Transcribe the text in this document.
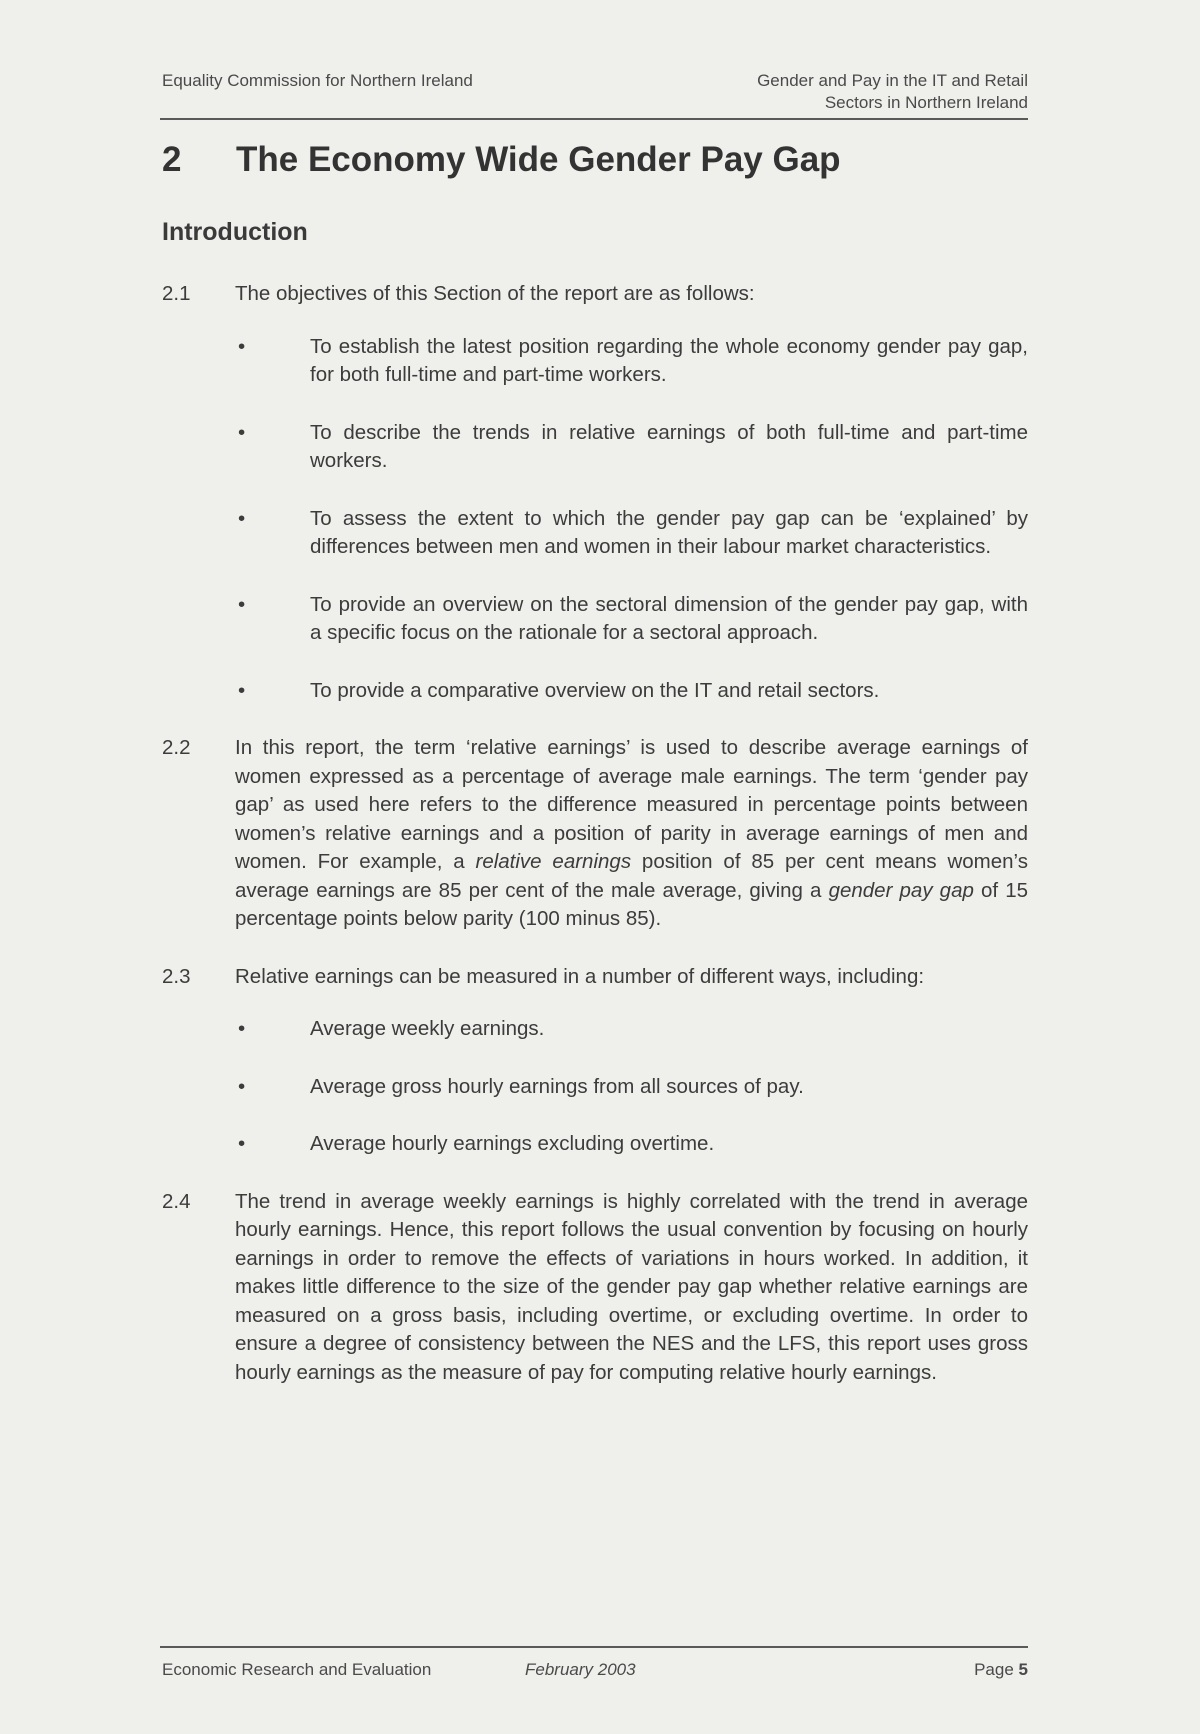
Equality Commission for Northern Ireland	Gender and Pay in the IT and Retail
Sectors in Northern Ireland
2 The Economy Wide Gender Pay Gap
Introduction
2.1	The objectives of this Section of the report are as follows:
•	To establish the latest position regarding the whole economy gender pay gap, for both full-time and part-time workers.
•	To describe the trends in relative earnings of both full-time and part-time workers.
•	To assess the extent to which the gender pay gap can be ‘explained’ by differences between men and women in their labour market characteristics.
•	To provide an overview on the sectoral dimension of the gender pay gap, with a specific focus on the rationale for a sectoral approach.
•	To provide a comparative overview on the IT and retail sectors.
2.2	In this report, the term ‘relative earnings’ is used to describe average earnings of women expressed as a percentage of average male earnings. The term ‘gender pay gap’ as used here refers to the difference measured in percentage points between women’s relative earnings and a position of parity in average earnings of men and women. For example, a relative earnings position of 85 per cent means women’s average earnings are 85 per cent of the male average, giving a gender pay gap of 15 percentage points below parity (100 minus 85).
2.3	Relative earnings can be measured in a number of different ways, including:
•	Average weekly earnings.
•	Average gross hourly earnings from all sources of pay.
•	Average hourly earnings excluding overtime.
2.4	The trend in average weekly earnings is highly correlated with the trend in average hourly earnings. Hence, this report follows the usual convention by focusing on hourly earnings in order to remove the effects of variations in hours worked. In addition, it makes little difference to the size of the gender pay gap whether relative earnings are measured on a gross basis, including overtime, or excluding overtime. In order to ensure a degree of consistency between the NES and the LFS, this report uses gross hourly earnings as the measure of pay for computing relative hourly earnings.
Economic Research and Evaluation	February 2003	Page 5
